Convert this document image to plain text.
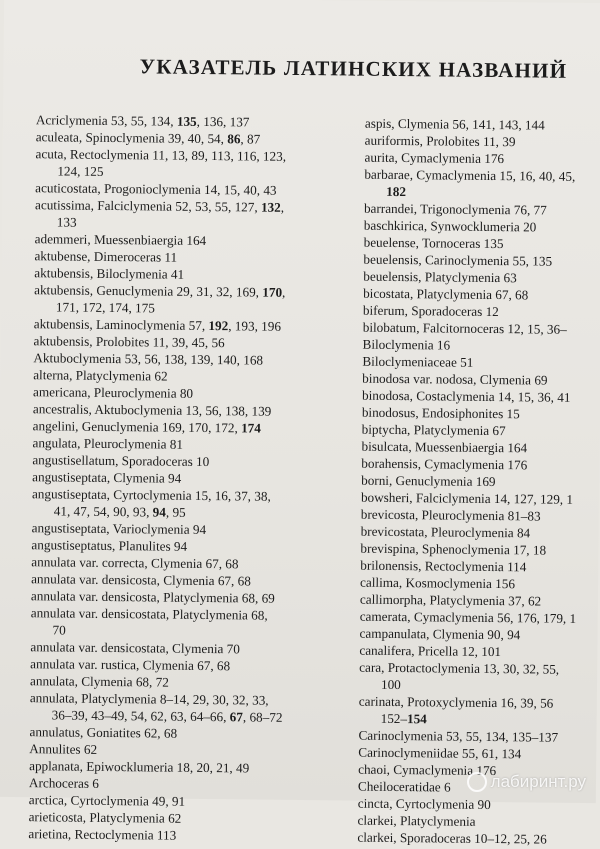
УКАЗАТЕЛЬ ЛАТИНСКИХ НАЗВАНИЙ
Acriclymenia 53, 55, 134, 135, 136, 137
aculeata, Spinoclymenia 39, 40, 54, 86, 87
acuta, Rectoclymenia 11, 13, 89, 113, 116, 123,
124, 125
acuticostata, Progonioclymenia 14, 15, 40, 43
acutissima, Falciclymenia 52, 53, 55, 127, 132,
133
ademmeri, Muessenbiaergia 164
aktubense, Dimeroceras 11
aktubensis, Biloclymenia 41
aktubensis, Genuclymenia 29, 31, 32, 169, 170,
171, 172, 174, 175
aktubensis, Laminoclymenia 57, 192, 193, 196
aktubensis, Prolobites 11, 39, 45, 56
Aktuboclymenia 53, 56, 138, 139, 140, 168
alterna, Platyclymenia 62
americana, Pleuroclymenia 80
ancestralis, Aktuboclymenia 13, 56, 138, 139
angelini, Genuclymenia 169, 170, 172, 174
angulata, Pleuroclymenia 81
angustisellatum, Sporadoceras 10
angustiseptata, Clymenia 94
angustiseptata, Cyrtoclymenia 15, 16, 37, 38,
41, 47, 54, 90, 93, 94, 95
angustiseptata, Varioclymenia 94
angustiseptatus, Planulites 94
annulata var. correcta, Clymenia 67, 68
annulata var. densicosta, Clymenia 67, 68
annulata var. densicosta, Platyclymenia 68, 69
annulata var. densicostata, Platyclymenia 68,
70
annulata var. densicostata, Clymenia 70
annulata var. rustica, Clymenia 67, 68
annulata, Clymenia 68, 72
annulata, Platyclymenia 8–14, 29, 30, 32, 33,
36–39, 43–49, 54, 62, 63, 64–66, 67, 68–72
annulatus, Goniatites 62, 68
Annulites 62
applanata, Epiwocklumeria 18, 20, 21, 49
Archoceras 6
arctica, Cyrtoclymenia 49, 91
arieticosta, Platyclymenia 62
arietina, Rectoclymenia 113
aspis, Clymenia 56, 141, 143, 144
auriformis, Prolobites 11, 39
aurita, Cymaclymenia 176
barbarae, Cymaclymenia 15, 16, 40, 45,
182
barrandei, Trigonoclymenia 76, 77
baschkirica, Synwocklumeria 20
beuelense, Tornoceras 135
beuelensis, Carinoclymenia 55, 135
beuelensis, Platyclymenia 63
bicostata, Platyclymenia 67, 68
biferum, Sporadoceras 12
bilobatum, Falcitornoceras 12, 15, 36–
Biloclymenia 16
Biloclymeniaceae 51
binodosa var. nodosa, Clymenia 69
binodosa, Costaclymenia 14, 15, 36, 41
binodosus, Endosiphonites 15
biptycha, Platyclymenia 67
bisulcata, Muessenbiaergia 164
borahensis, Cymaclymenia 176
borni, Genuclymenia 169
bowsheri, Falciclymenia 14, 127, 129, 1
brevicosta, Pleuroclymenia 81–83
brevicostata, Pleuroclymenia 84
brevispina, Sphenoclymenia 17, 18
brilonensis, Rectoclymenia 114
callima, Kosmoclymenia 156
callimorpha, Platyclymenia 37, 62
camerata, Cymaclymenia 56, 176, 179, 1
campanulata, Clymenia 90, 94
canalifera, Pricella 12, 101
cara, Protactoclymenia 13, 30, 32, 55,
100
carinata, Protoxyclymenia 16, 39, 56
152–154
Carinoclymenia 53, 55, 134, 135–137
Carinoclymeniidae 55, 61, 134
chaoi, Cymaclymenia 176
Cheiloceratidae 6
cincta, Cyrtoclymenia 90
clarkei, Platyclymenia
clarkei, Sporadoceras 10–12, 25, 26
лабиринт.ру
